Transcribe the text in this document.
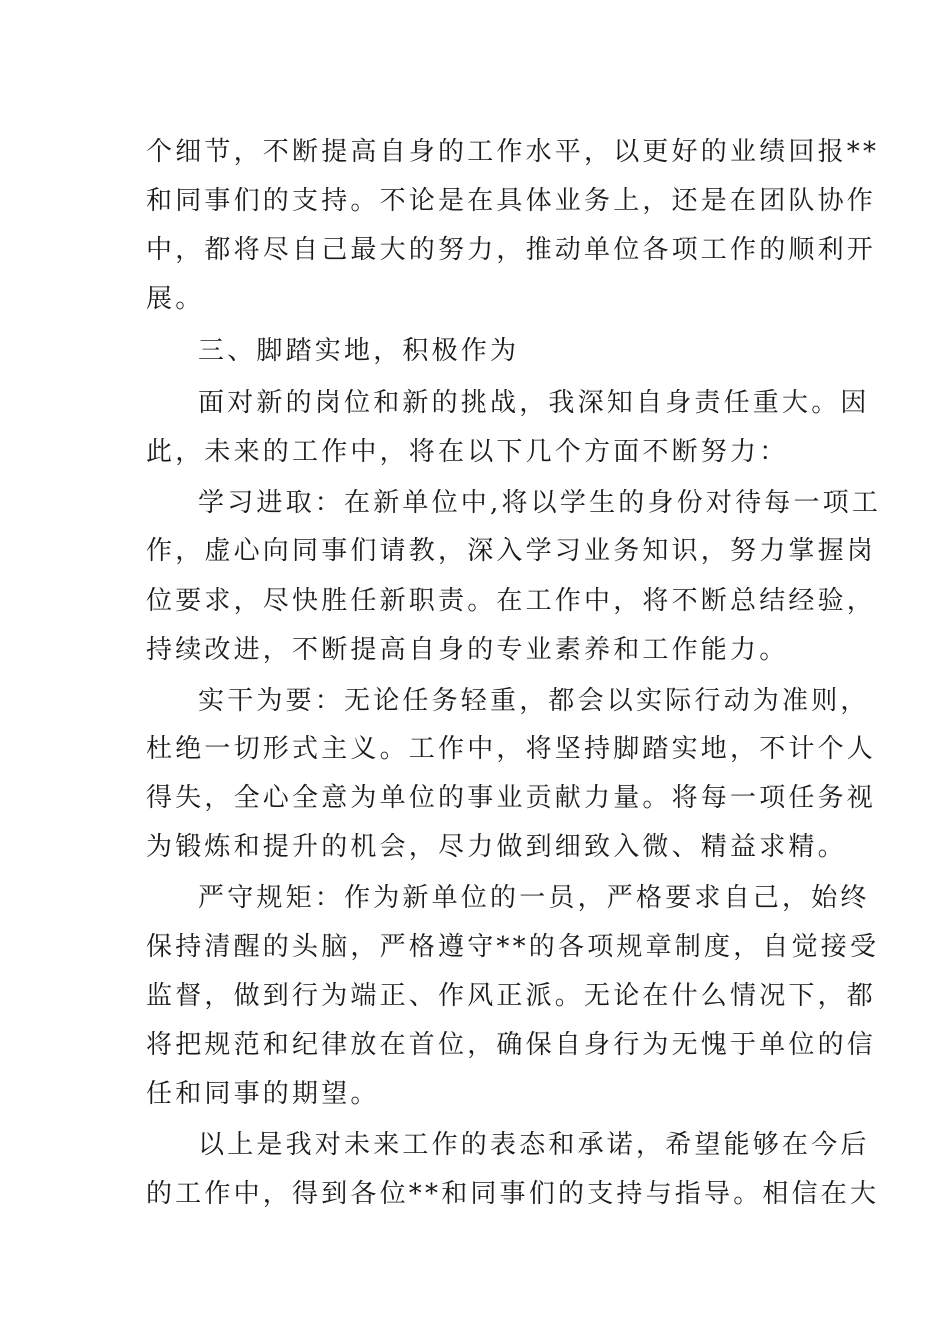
个细节，不断提高自身的工作水平，以更好的业绩回报**
和同事们的支持。不论是在具体业务上，还是在团队协作
中，都将尽自己最大的努力，推动单位各项工作的顺利开
展。
三、脚踏实地，积极作为
面对新的岗位和新的挑战，我深知自身责任重大。因
此，未来的工作中，将在以下几个方面不断努力：
学习进取：在新单位中,将以学生的身份对待每一项工
作，虚心向同事们请教，深入学习业务知识，努力掌握岗
位要求，尽快胜任新职责。在工作中，将不断总结经验，
持续改进，不断提高自身的专业素养和工作能力。
实干为要：无论任务轻重，都会以实际行动为准则，
杜绝一切形式主义。工作中，将坚持脚踏实地，不计个人
得失，全心全意为单位的事业贡献力量。将每一项任务视
为锻炼和提升的机会，尽力做到细致入微、精益求精。
严守规矩：作为新单位的一员，严格要求自己，始终
保持清醒的头脑，严格遵守**的各项规章制度，自觉接受
监督，做到行为端正、作风正派。无论在什么情况下，都
将把规范和纪律放在首位，确保自身行为无愧于单位的信
任和同事的期望。
以上是我对未来工作的表态和承诺，希望能够在今后
的工作中，得到各位**和同事们的支持与指导。相信在大
